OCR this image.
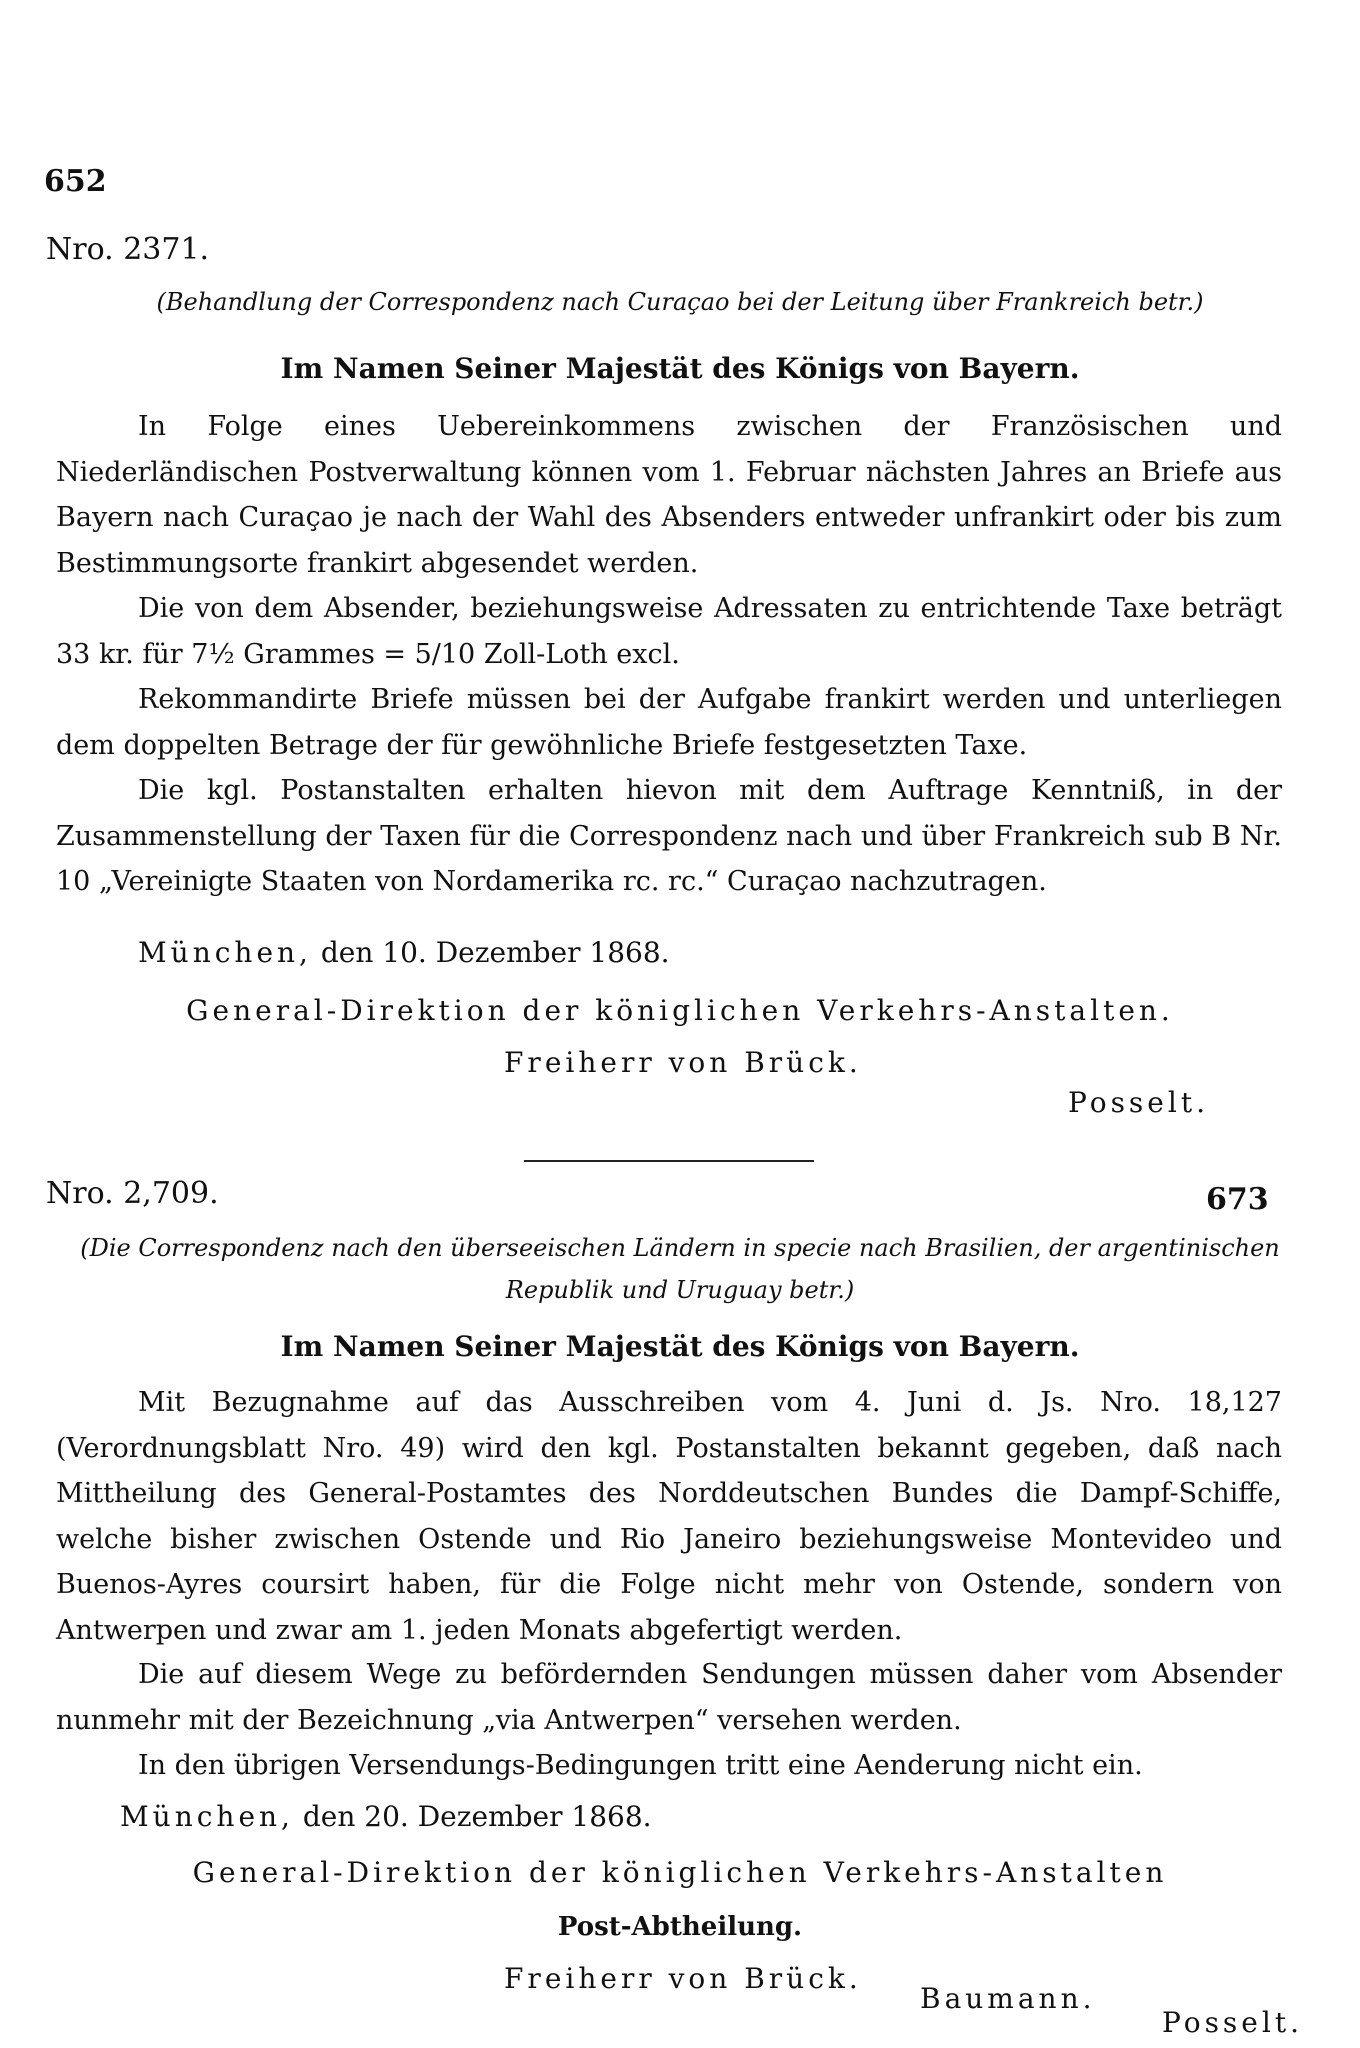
652
Nro. 2371.
(Behandlung der Correspondenz nach Curaçao bei der Leitung über Frankreich betr.)
Im Namen Seiner Majestät des Königs von Bayern.

In Folge eines Uebereinkommens zwischen der Französischen und Niederländischen Postverwaltung können vom 1. Februar nächsten Jahres an Briefe aus Bayern nach Curaçao je nach der Wahl des Absenders entweder unfrankirt oder bis zum Bestimmungsorte frankirt abgesendet werden.

Die von dem Absender, beziehungsweise Adressaten zu entrichtende Taxe beträgt 33 kr. für 7½ Grammes = 5/10 Zoll-Loth excl.

Rekommandirte Briefe müssen bei der Aufgabe frankirt werden und unterliegen dem doppelten Betrage der für gewöhnliche Briefe festgesetzten Taxe.

Die kgl. Postanstalten erhalten hievon mit dem Auftrage Kenntniß, in der Zusammenstellung der Taxen für die Correspondenz nach und über Frankreich sub B Nr. 10 „Vereinigte Staaten von Nordamerika rc. rc.“ Curaçao nachzutragen.

München, den 10. Dezember 1868.
General-Direktion der königlichen Verkehrs-Anstalten.
Freiherr von Brück.
Posselt.
Nro. 2,709.	673
(Die Correspondenz nach den überseeischen Ländern in specie nach Brasilien, der argentinischen
Republik und Uruguay betr.)
Im Namen Seiner Majestät des Königs von Bayern.

Mit Bezugnahme auf das Ausschreiben vom 4. Juni d. Js. Nro. 18,127 (Verordnungsblatt Nro. 49) wird den kgl. Postanstalten bekannt gegeben, daß nach Mittheilung des General-Postamtes des Norddeutschen Bundes die Dampf-Schiffe, welche bisher zwischen Ostende und Rio Janeiro beziehungsweise Montevideo und Buenos-Ayres coursirt haben, für die Folge nicht mehr von Ostende, sondern von Antwerpen und zwar am 1. jeden Monats abgefertigt werden.

Die auf diesem Wege zu befördernden Sendungen müssen daher vom Absender nunmehr mit der Bezeichnung „via Antwerpen“ versehen werden.

In den übrigen Versendungs-Bedingungen tritt eine Aenderung nicht ein.

München, den 20. Dezember 1868.
General-Direktion der königlichen Verkehrs-Anstalten
Post-Abtheilung.
Freiherr von Brück.
Baumann.
Posselt.
